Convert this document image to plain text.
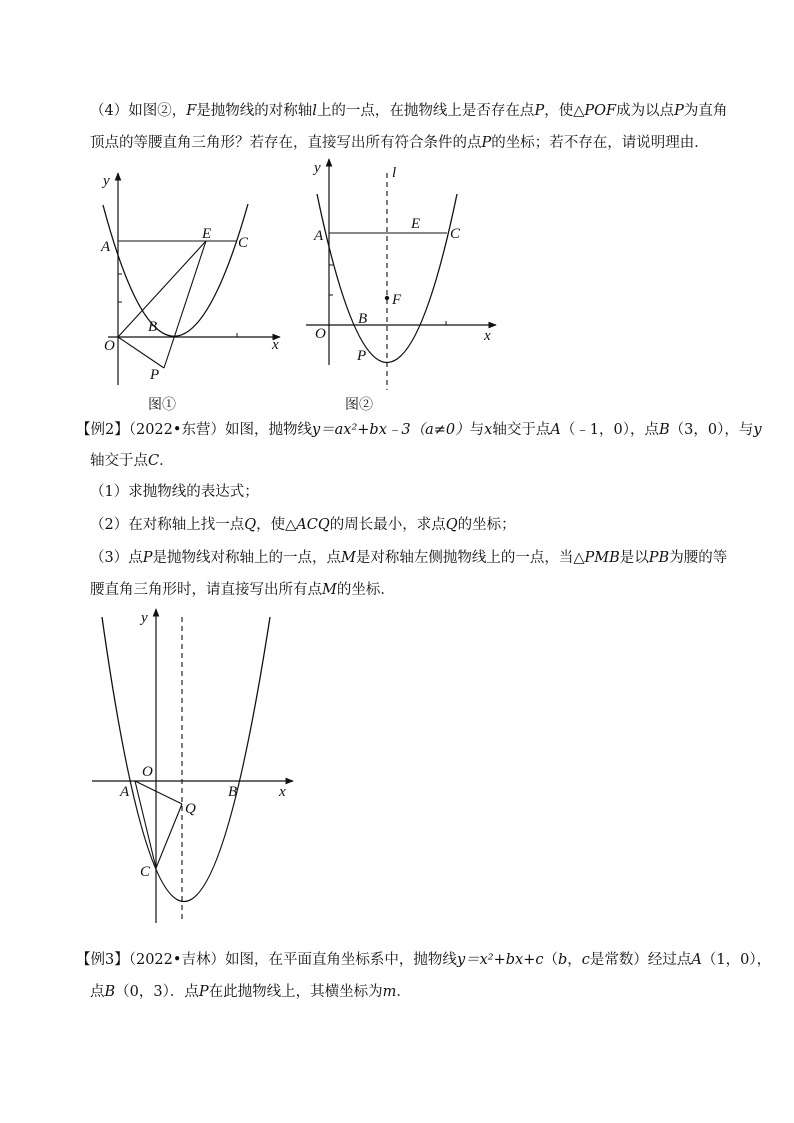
（4）如图②，F是抛物线的对称轴l上的一点，在抛物线上是否存在点P，使△POF成为以点P为直角

顶点的等腰直角三角形？若存在，直接写出所有符合条件的点P的坐标；若不存在，请说明理由．

y
x
O
A
E
C
B
P
图①
y	l
x
O
A
E
C
F
B
P
图②

【例2】（2022•东营）如图，抛物线y＝ax²+bx﹣3（a≠0）与x轴交于点A（﹣1，0），点B（3，0），与y

轴交于点C．

（1）求抛物线的表达式；

（2）在对称轴上找一点Q，使△ACQ的周长最小，求点Q的坐标；

（3）点P是抛物线对称轴上的一点，点M是对称轴左侧抛物线上的一点，当△PMB是以PB为腰的等

腰直角三角形时，请直接写出所有点M的坐标．

y
x
O
A	B
Q
C

【例3】（2022•吉林）如图，在平面直角坐标系中，抛物线y＝x²+bx+c（b，c是常数）经过点A（1，0），

点B（0，3）．点P在此抛物线上，其横坐标为m．
